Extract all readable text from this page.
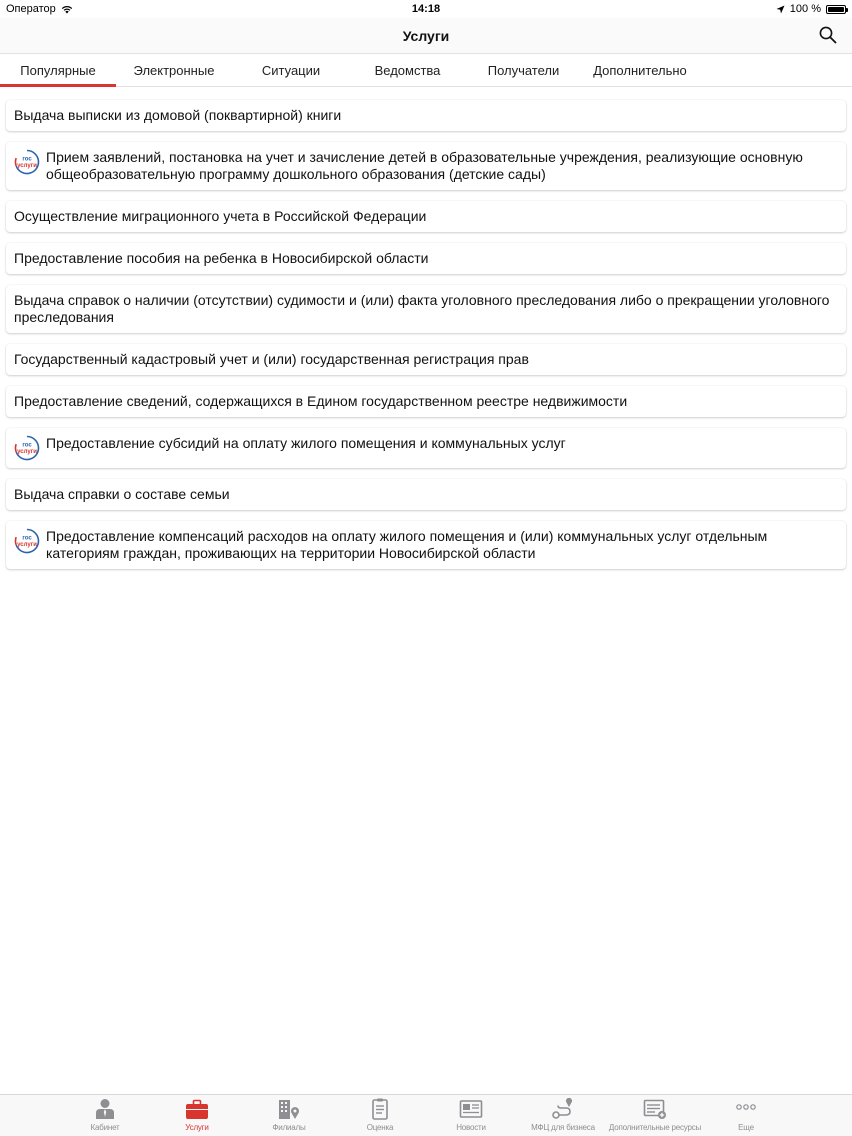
Оператор	14:18	100 %
Услуги
Популярные	Электронные	Ситуации	Ведомства	Получатели	Дополнительно
Выдача выписки из домовой (поквартирной) книги
гос
услуги
Прием заявлений, постановка на учет и зачисление детей в образовательные учреждения, реализующие основную общеобразовательную программу дошкольного образования (детские сады)
Осуществление миграционного учета в Российской Федерации
Предоставление пособия на ребенка в Новосибирской области
Выдача справок о наличии (отсутствии) судимости и (или) факта уголовного преследования либо о прекращении уголовного преследования
Государственный кадастровый учет и (или) государственная регистрация прав
Предоставление сведений, содержащихся в Едином государственном реестре недвижимости
гос
услуги
Предоставление субсидий на оплату жилого помещения и коммунальных услуг
Выдача справки о составе семьи
гос
услуги
Предоставление компенсаций расходов на оплату жилого помещения и (или) коммунальных услуг отдельным категориям граждан, проживающих на территории Новосибирской области
Кабинет	Услуги	Филиалы	Оценка	Новости	МФЦ для бизнеса Дополнительные ресурсы	Еще
